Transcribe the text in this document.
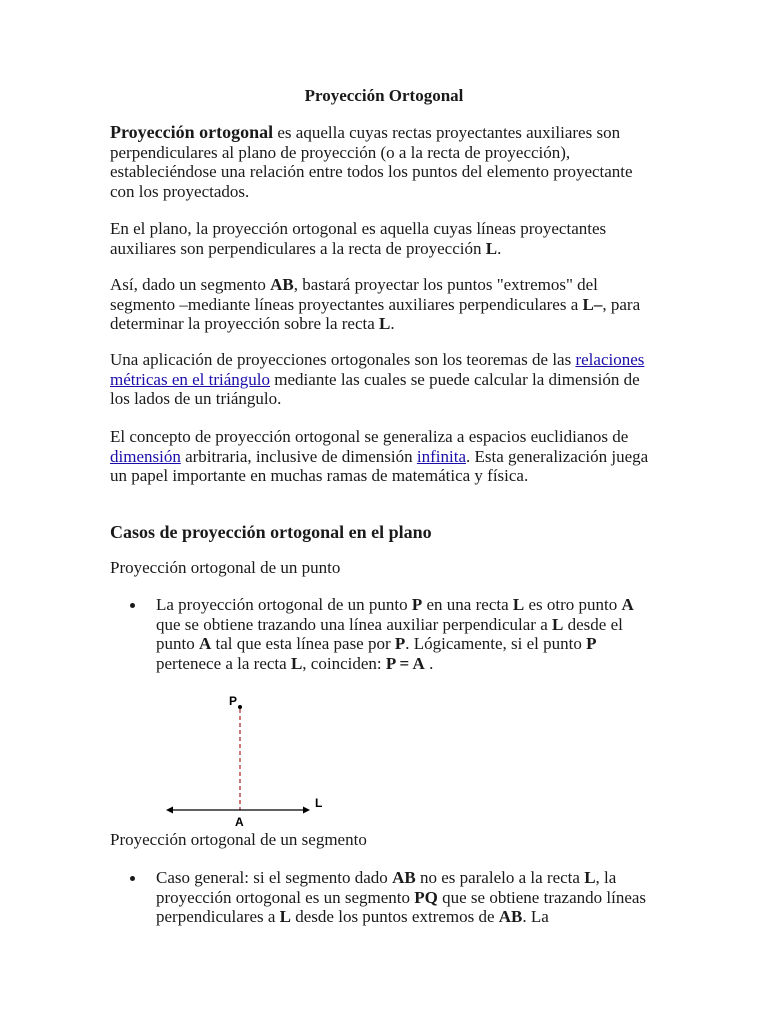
Proyección Ortogonal

Proyección ortogonal es aquella cuyas rectas proyectantes auxiliares son perpendiculares al plano de proyección (o a la recta de proyección), estableciéndose una relación entre todos los puntos del elemento proyectante con los proyectados.

En el plano, la proyección ortogonal es aquella cuyas líneas proyectantes auxiliares son perpendiculares a la recta de proyección L.

Así, dado un segmento AB, bastará proyectar los puntos "extremos" del segmento –mediante líneas proyectantes auxiliares perpendiculares a L–, para determinar la proyección sobre la recta L.

Una aplicación de proyecciones ortogonales son los teoremas de las relaciones métricas en el triángulo mediante las cuales se puede calcular la dimensión de los lados de un triángulo.

El concepto de proyección ortogonal se generaliza a espacios euclidianos de dimensión arbitraria, inclusive de dimensión infinita. Esta generalización juega un papel importante en muchas ramas de matemática y física.

Casos de proyección ortogonal en el plano
Proyección ortogonal de un punto
La proyección ortogonal de un punto P en una recta L es otro punto A que se obtiene trazando una línea auxiliar perpendicular a L desde el punto A tal que esta línea pase por P. Lógicamente, si el punto P pertenece a la recta L, coinciden: P = A .
P
L
A
Proyección ortogonal de un segmento
Caso general: si el segmento dado AB no es paralelo a la recta L, la proyección ortogonal es un segmento PQ que se obtiene trazando líneas perpendiculares a L desde los puntos extremos de AB. La
